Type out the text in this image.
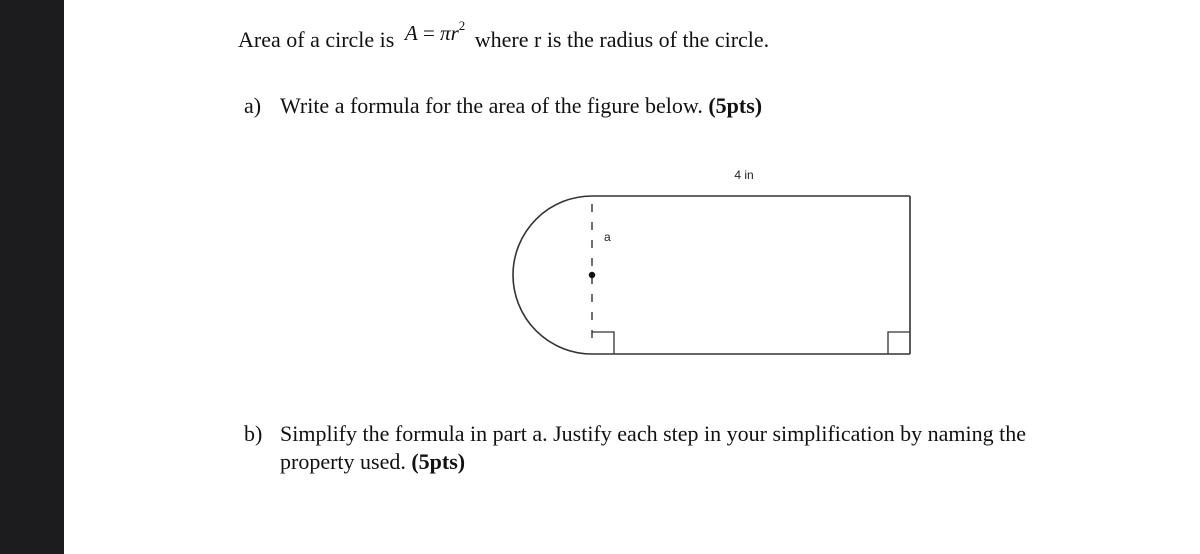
Area of a circle is $A = \pi r^2$ where r is the radius of the circle.
a) Write a formula for the area of the figure below. (5pts)
4 in
a
b) Simplify the formula in part a. Justify each step in your simplification by naming the property used. (5pts)
